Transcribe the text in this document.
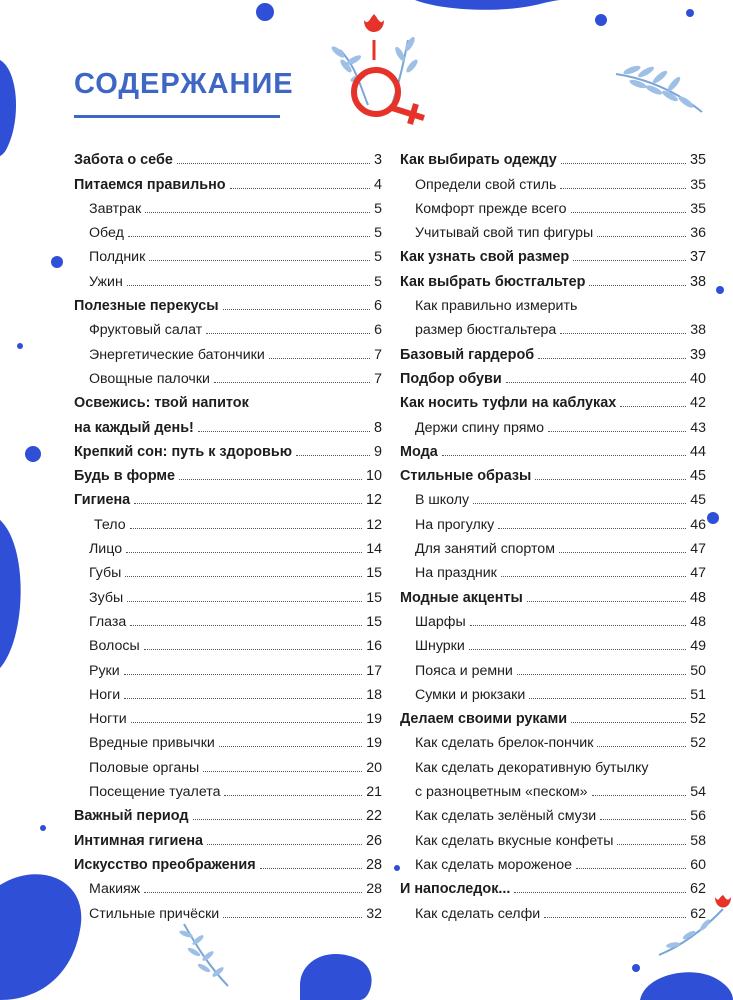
СОДЕРЖАНИЕ
Забота о себе	3
Питаемся правильно	4
Завтрак	5
Обед	5
Полдник	5
Ужин	5
Полезные перекусы	6
Фруктовый салат	6
Энергетические батончики	7
Овощные палочки	7
Освежись: твой напиток
на каждый день!	8
Крепкий сон: путь к здоровью	9
Будь в форме	10
Гигиена	12
Тело	12
Лицо	14
Губы	15
Зубы	15
Глаза	15
Волосы	16
Руки	17
Ноги	18
Ногти	19
Вредные привычки	19
Половые органы	20
Посещение туалета	21
Важный период	22
Интимная гигиена	26
Искусство преображения	28
Макияж	28
Стильные причёски	32
Как выбирать одежду	35
Определи свой стиль	35
Комфорт прежде всего	35
Учитывай свой тип фигуры	36
Как узнать свой размер	37
Как выбрать бюстгальтер	38
Как правильно измерить
размер бюстгальтера	38
Базовый гардероб	39
Подбор обуви	40
Как носить туфли на каблуках	42
Держи спину прямо	43
Мода	44
Стильные образы	45
В школу	45
На прогулку	46
Для занятий спортом	47
На праздник	47
Модные акценты	48
Шарфы	48
Шнурки	49
Пояса и ремни	50
Сумки и рюкзаки	51
Делаем своими руками	52
Как сделать брелок-пончик	52
Как сделать декоративную бутылку
с разноцветным «песком»	54
Как сделать зелёный смузи	56
Как сделать вкусные конфеты	58
Как сделать мороженое	60
И напоследок...	62
Как сделать селфи	62
